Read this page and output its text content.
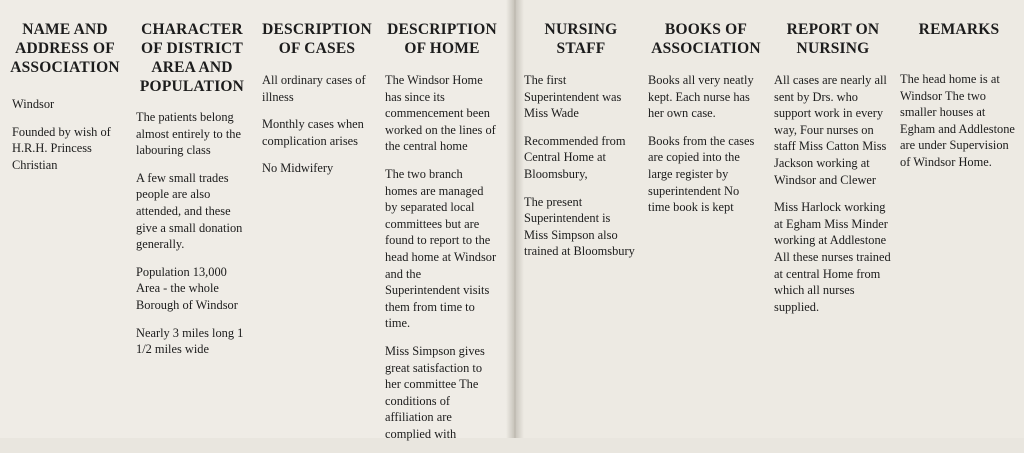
NAME AND ADDRESS OF ASSOCIATION

Windsor

Founded by wish of H.R.H. Princess Christian

CHARACTER OF DISTRICT AREA AND POPULATION

The patients belong almost entirely to the labouring class

A few small trades people are also attended, and these give a small donation generally.

Population 13,000 Area - the whole Borough of Windsor

Nearly 3 miles long 1 1/2 miles wide

DESCRIPTION OF CASES

All ordinary cases of illness

Monthly cases when complication arises

No Midwifery

DESCRIPTION OF HOME

The Windsor Home has since its commencement been worked on the lines of the central home

The two branch homes are managed by separated local committees but are found to report to the head home at Windsor and the Superintendent visits them from time to time.

Miss Simpson gives great satisfaction to her committee The conditions of affiliation are complied with

NURSING STAFF

The first Superintendent was Miss Wade

Recommended from Central Home at Bloomsbury,

The present Superintendent is Miss Simpson also trained at Bloomsbury

BOOKS OF ASSOCIATION

Books all very neatly kept. Each nurse has her own case.

Books from the cases are copied into the large register by superintendent No time book is kept

REPORT ON NURSING

All cases are nearly all sent by Drs. who support work in every way, Four nurses on staff Miss Catton Miss Jackson working at Windsor and Clewer

Miss Harlock working at Egham Miss Minder working at Addlestone All these nurses trained at central Home from which all nurses supplied.

REMARKS

The head home is at Windsor The two smaller houses at Egham and Addlestone are under Supervision of Windsor Home.
